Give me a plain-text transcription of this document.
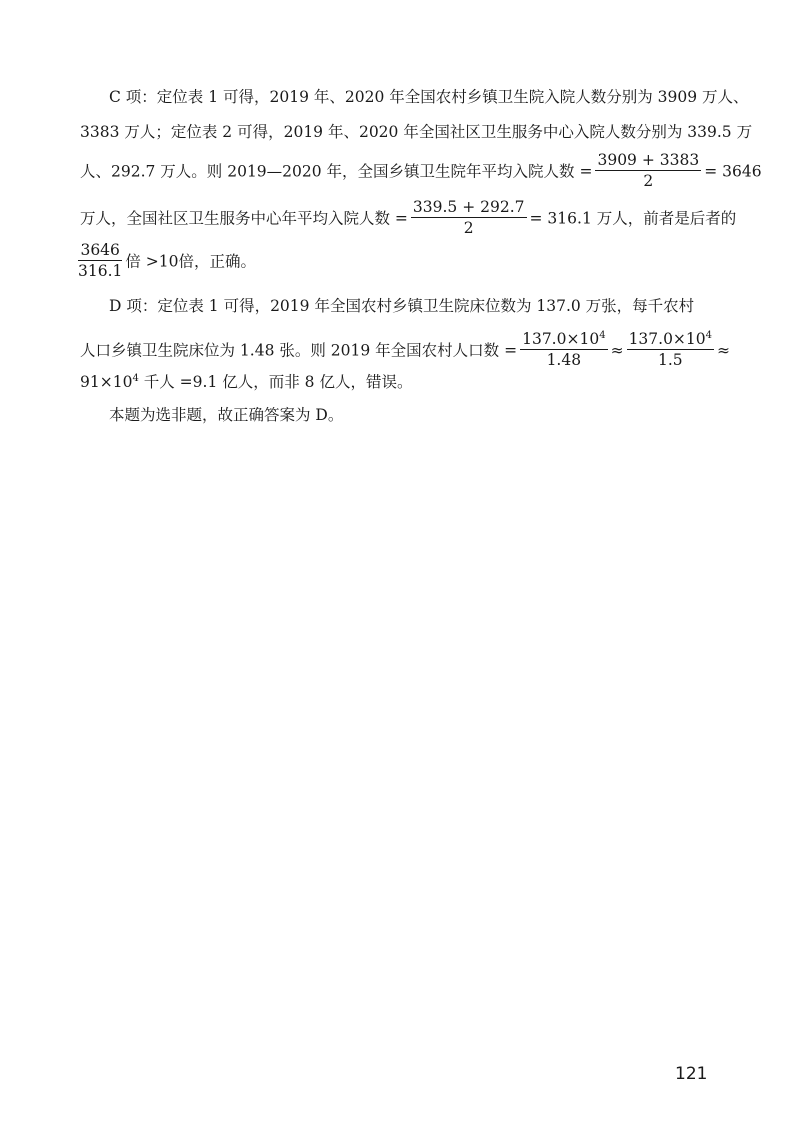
C 项：定位表 1 可得，2019 年、2020 年全国农村乡镇卫生院入院人数分别为 3909 万人、
3383 万人；定位表 2 可得，2019 年、2020 年全国社区卫生服务中心入院人数分别为 339.5 万
人、292.7 万人。则 2019—2020 年，全国乡镇卫生院年平均入院人数 = $\frac{3909 + 3383}{2} = 3646$
万人，全国社区卫生服务中心年平均入院人数 = $\frac{339.5 + 292.7}{2} = 316.1$ 万人，前者是后者的
$\frac{3646}{316.1}$ 倍 >10倍，正确。
D 项：定位表 1 可得，2019 年全国农村乡镇卫生院床位数为 137.0 万张，每千农村
人口乡镇卫生院床位为 1.48 张。则 2019 年全国农村人口数 = $\frac{137.0\times 10^4}{1.48} \approx \frac{137.0\times 10^4}{1.5}$ ≈
$91\times 10^4$ 千人 =9.1 亿人，而非 8 亿人，错误。
本题为选非题，故正确答案为 D。
121
